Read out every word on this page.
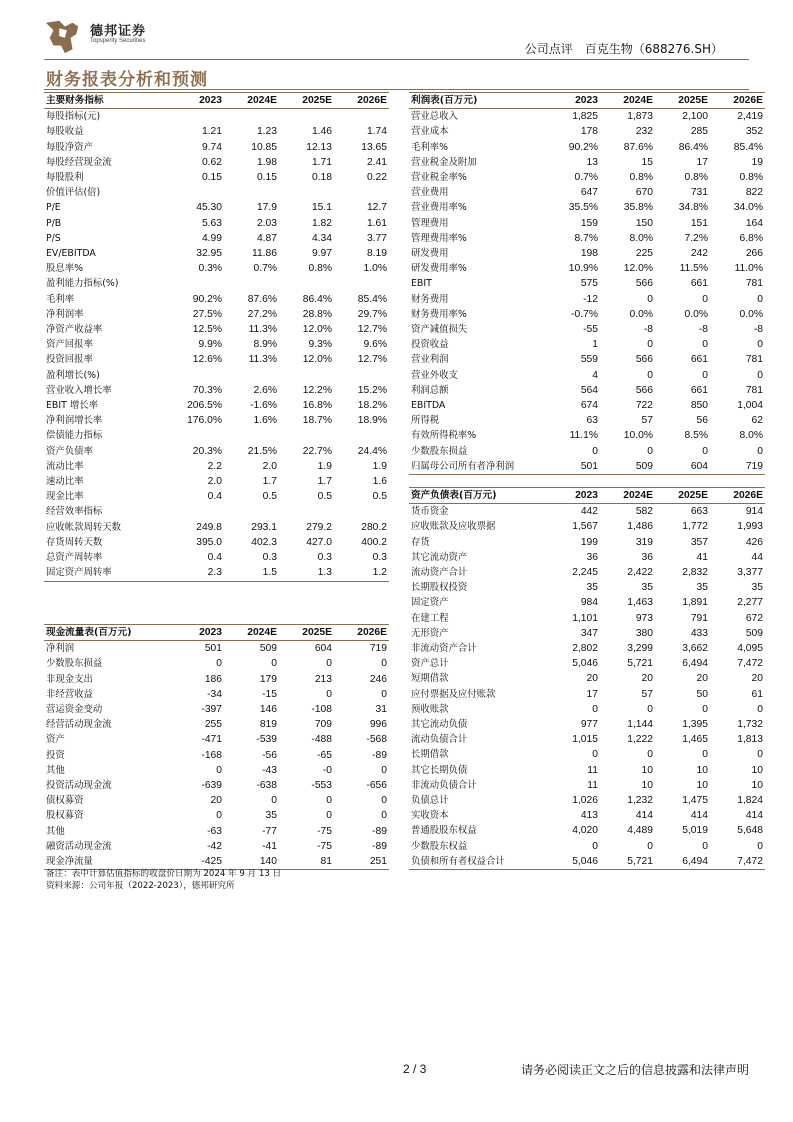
德邦证券
Topsperity Securities
公司点评　百克生物（688276.SH）
财务报表分析和预测
主要财务指标	2023	2024E	2025E	2026E
每股指标(元)				
每股收益	1.21	1.23	1.46	1.74
每股净资产	9.74	10.85	12.13	13.65
每股经营现金流	0.62	1.98	1.71	2.41
每股股利	0.15	0.15	0.18	0.22
价值评估(倍)				
P/E	45.30	17.9	15.1	12.7
P/B	5.63	2.03	1.82	1.61
P/S	4.99	4.87	4.34	3.77
EV/EBITDA	32.95	11.86	9.97	8.19
股息率%	0.3%	0.7%	0.8%	1.0%
盈利能力指标(%)				
毛利率	90.2%	87.6%	86.4%	85.4%
净利润率	27.5%	27.2%	28.8%	29.7%
净资产收益率	12.5%	11.3%	12.0%	12.7%
资产回报率	9.9%	8.9%	9.3%	9.6%
投资回报率	12.6%	11.3%	12.0%	12.7%
盈利增长(%)				
营业收入增长率	70.3%	2.6%	12.2%	15.2%
EBIT 增长率	206.5%	-1.6%	16.8%	18.2%
净利润增长率	176.0%	1.6%	18.7%	18.9%
偿债能力指标				
资产负债率	20.3%	21.5%	22.7%	24.4%
流动比率	2.2	2.0	1.9	1.9
速动比率	2.0	1.7	1.7	1.6
现金比率	0.4	0.5	0.5	0.5
经营效率指标				
应收帐款周转天数	249.8	293.1	279.2	280.2
存货周转天数	395.0	402.3	427.0	400.2
总资产周转率	0.4	0.3	0.3	0.3
固定资产周转率	2.3	1.5	1.3	1.2
利润表(百万元)	2023	2024E	2025E	2026E
营业总收入	1,825	1,873	2,100	2,419
营业成本	178	232	285	352
毛利率%	90.2%	87.6%	86.4%	85.4%
营业税金及附加	13	15	17	19
营业税金率%	0.7%	0.8%	0.8%	0.8%
营业费用	647	670	731	822
营业费用率%	35.5%	35.8%	34.8%	34.0%
管理费用	159	150	151	164
管理费用率%	8.7%	8.0%	7.2%	6.8%
研发费用	198	225	242	266
研发费用率%	10.9%	12.0%	11.5%	11.0%
EBIT	575	566	661	781
财务费用	-12	0	0	0
财务费用率%	-0.7%	0.0%	0.0%	0.0%
资产减值损失	-55	-8	-8	-8
投资收益	1	0	0	0
营业利润	559	566	661	781
营业外收支	4	0	0	0
利润总额	564	566	661	781
EBITDA	674	722	850	1,004
所得税	63	57	56	62
有效所得税率%	11.1%	10.0%	8.5%	8.0%
少数股东损益	0	0	0	0
归属母公司所有者净利润	501	509	604	719
资产负债表(百万元)	2023	2024E	2025E	2026E
货币资金	442	582	663	914
应收账款及应收票据	1,567	1,486	1,772	1,993
存货	199	319	357	426
其它流动资产	36	36	41	44
流动资产合计	2,245	2,422	2,832	3,377
长期股权投资	35	35	35	35
固定资产	984	1,463	1,891	2,277
在建工程	1,101	973	791	672
无形资产	347	380	433	509
非流动资产合计	2,802	3,299	3,662	4,095
资产总计	5,046	5,721	6,494	7,472
短期借款	20	20	20	20
应付票据及应付账款	17	57	50	61
预收账款	0	0	0	0
其它流动负债	977	1,144	1,395	1,732
流动负债合计	1,015	1,222	1,465	1,813
长期借款	0	0	0	0
其它长期负债	11	10	10	10
非流动负债合计	11	10	10	10
负债总计	1,026	1,232	1,475	1,824
实收资本	413	414	414	414
普通股股东权益	4,020	4,489	5,019	5,648
少数股东权益	0	0	0	0
负债和所有者权益合计	5,046	5,721	6,494	7,472
现金流量表(百万元)	2023	2024E	2025E	2026E
净利润	501	509	604	719
少数股东损益	0	0	0	0
非现金支出	186	179	213	246
非经营收益	-34	-15	0	0
营运资金变动	-397	146	-108	31
经营活动现金流	255	819	709	996
资产	-471	-539	-488	-568
投资	-168	-56	-65	-89
其他	0	-43	-0	0
投资活动现金流	-639	-638	-553	-656
债权募资	20	0	0	0
股权募资	0	35	0	0
其他	-63	-77	-75	-89
融资活动现金流	-42	-41	-75	-89
现金净流量	-425	140	81	251
备注：表中计算估值指标的收盘价日期为 2024 年 9 月 13 日
资料来源：公司年报（2022-2023），德邦研究所
2 / 3	请务必阅读正文之后的信息披露和法律声明
